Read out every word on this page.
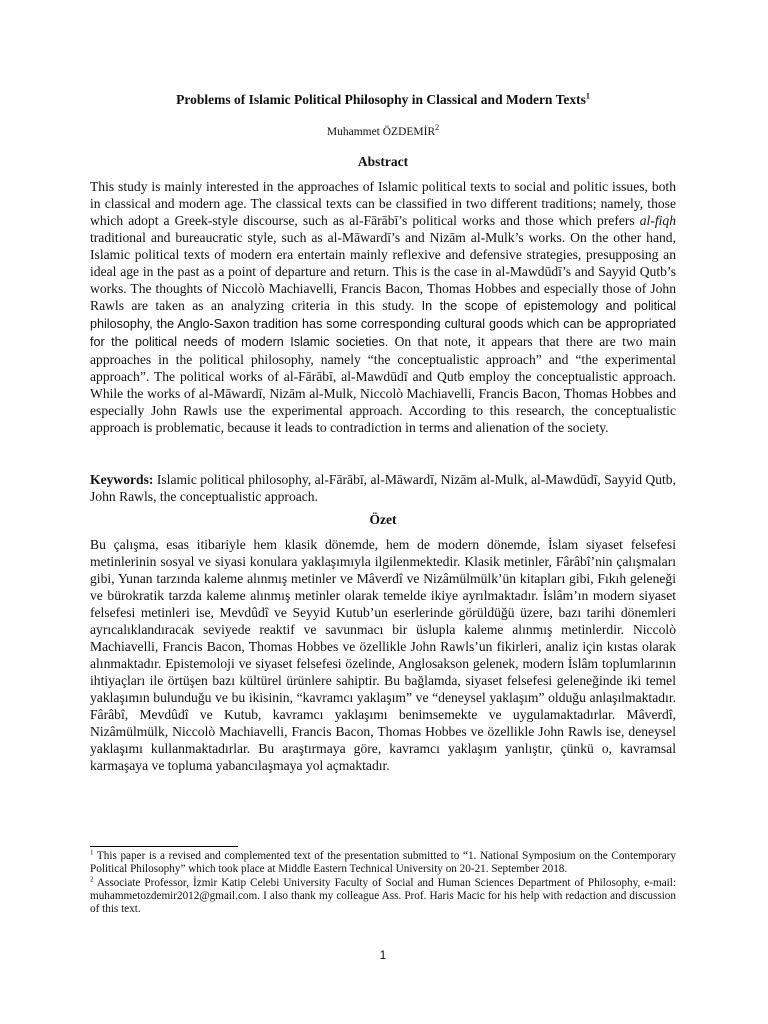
Problems of Islamic Political Philosophy in Classical and Modern Texts$^1$
Muhammet ÖZDEMİR$^2$
Abstract
This study is mainly interested in the approaches of Islamic political texts to social and politic issues, both in classical and modern age. The classical texts can be classified in two different traditions; namely, those which adopt a Greek-style discourse, such as al-Fārābī’s political works and those which prefers al-fiqh traditional and bureaucratic style, such as al-Māwardī’s and Nizām al-Mulk’s works. On the other hand, Islamic political texts of modern era entertain mainly reflexive and defensive strategies, presupposing an ideal age in the past as a point of departure and return. This is the case in al-Mawdūdī’s and Sayyid Qutb’s works. The thoughts of Niccolò Machiavelli, Francis Bacon, Thomas Hobbes and especially those of John Rawls are taken as an analyzing criteria in this study. In the scope of epistemology and political philosophy, the Anglo-Saxon tradition has some corresponding cultural goods which can be appropriated for the political needs of modern Islamic societies. On that note, it appears that there are two main approaches in the political philosophy, namely “the conceptualistic approach” and “the experimental approach”. The political works of al-Fārābī, al-Mawdūdī and Qutb employ the conceptualistic approach. While the works of al-Māwardī, Nizām al-Mulk, Niccolò Machiavelli, Francis Bacon, Thomas Hobbes and especially John Rawls use the experimental approach. According to this research, the conceptualistic approach is problematic, because it leads to contradiction in terms and alienation of the society.
Keywords: Islamic political philosophy, al-Fārābī, al-Māwardī, Nizām al-Mulk, al-Mawdūdī, Sayyid Qutb, John Rawls, the conceptualistic approach.
Özet
Bu çalışma, esas itibariyle hem klasik dönemde, hem de modern dönemde, İslam siyaset felsefesi metinlerinin sosyal ve siyasi konulara yaklaşımıyla ilgilenmektedir. Klasik metinler, Fârâbî’nin çalışmaları gibi, Yunan tarzında kaleme alınmış metinler ve Mâverdî ve Nizâmülmülk’ün kitapları gibi, Fıkıh geleneği ve bürokratik tarzda kaleme alınmış metinler olarak temelde ikiye ayrılmaktadır. İslâm’ın modern siyaset felsefesi metinleri ise, Mevdûdî ve Seyyid Kutub’un eserlerinde görüldüğü üzere, bazı tarihi dönemleri ayrıcalıklandıracak seviyede reaktif ve savunmacı bir üslupla kaleme alınmış metinlerdir. Niccolò Machiavelli, Francis Bacon, Thomas Hobbes ve özellikle John Rawls’un fikirleri, analiz için kıstas olarak alınmaktadır. Epistemoloji ve siyaset felsefesi özelinde, Anglosakson gelenek, modern İslâm toplumlarının ihtiyaçları ile örtüşen bazı kültürel ürünlere sahiptir. Bu bağlamda, siyaset felsefesi geleneğinde iki temel yaklaşımın bulunduğu ve bu ikisinin, “kavramcı yaklaşım” ve “deneysel yaklaşım” olduğu anlaşılmaktadır. Fârâbî, Mevdûdî ve Kutub, kavramcı yaklaşımı benimsemekte ve uygulamaktadırlar. Mâverdî, Nizâmülmülk, Niccolò Machiavelli, Francis Bacon, Thomas Hobbes ve özellikle John Rawls ise, deneysel yaklaşımı kullanmaktadırlar. Bu araştırmaya göre, kavramcı yaklaşım yanlıştır, çünkü o, kavramsal karmaşaya ve topluma yabancılaşmaya yol açmaktadır.

$^1$ This paper is a revised and complemented text of the presentation submitted to “1. National Symposium on the Contemporary Political Philosophy” which took place at Middle Eastern Technical University on 20-21. September 2018.

$^2$ Associate Professor, İzmir Katip Celebi University Faculty of Social and Human Sciences Department of Philosophy, e-mail: muhammetozdemir2012@gmail.com. I also thank my colleague Ass. Prof. Haris Macic for his help with redaction and discussion of this text.

1
